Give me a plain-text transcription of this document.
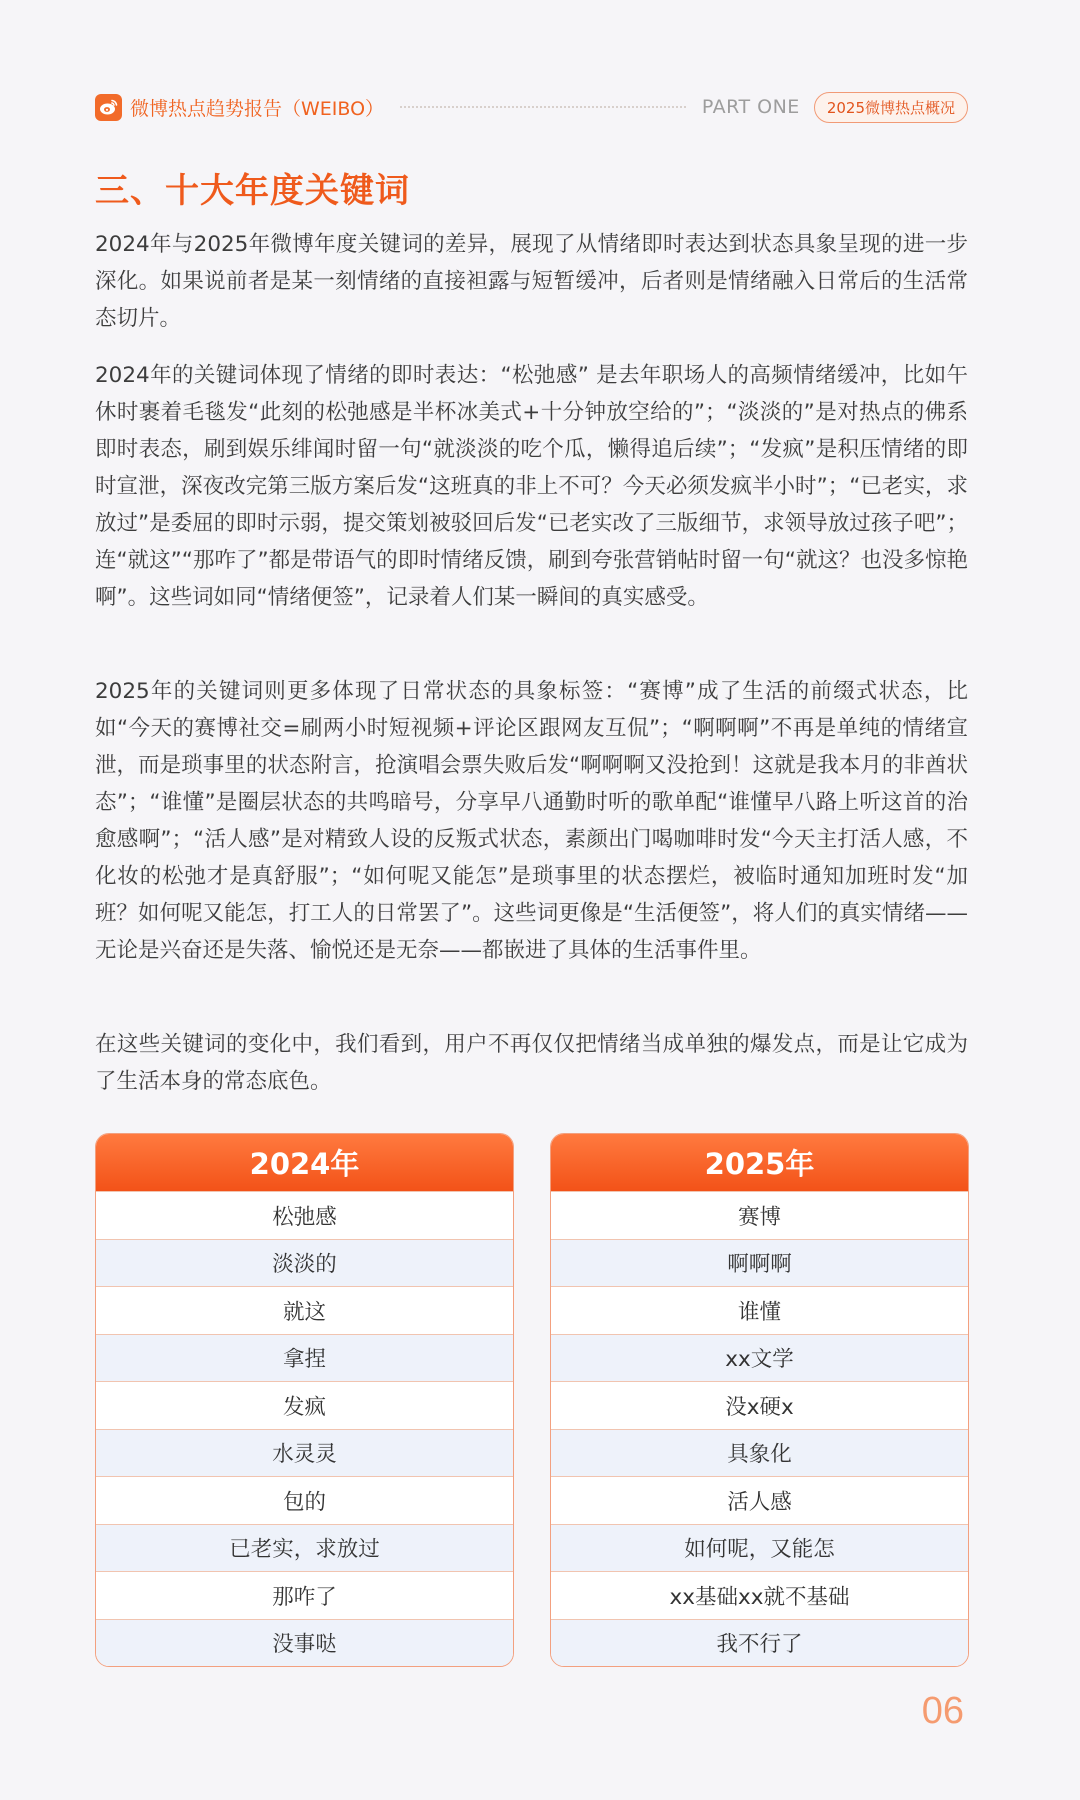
微博热点趋势报告（WEIBO）	PART ONE	2025微博热点概况
三、十大年度关键词

2024年与2025年微博年度关键词的差异，展现了从情绪即时表达到状态具象呈现的进一步深化。如果说前者是某一刻情绪的直接袒露与短暂缓冲，后者则是情绪融入日常后的生活常态切片。

2024年的关键词体现了情绪的即时表达：“松弛感” 是去年职场人的高频情绪缓冲，比如午休时裹着毛毯发“此刻的松弛感是半杯冰美式+十分钟放空给的”；“淡淡的”是对热点的佛系即时表态，刷到娱乐绯闻时留一句“就淡淡的吃个瓜，懒得追后续”；“发疯”是积压情绪的即时宣泄，深夜改完第三版方案后发“这班真的非上不可？今天必须发疯半小时”；“已老实，求放过”是委屈的即时示弱，提交策划被驳回后发“已老实改了三版细节，求领导放过孩子吧”；连“就这”“那咋了”都是带语气的即时情绪反馈，刷到夸张营销帖时留一句“就这？也没多惊艳啊”。这些词如同“情绪便签”，记录着人们某一瞬间的真实感受。

2025年的关键词则更多体现了日常状态的具象标签：“赛博”成了生活的前缀式状态，比如“今天的赛博社交=刷两小时短视频+评论区跟网友互侃”；“啊啊啊”不再是单纯的情绪宣泄，而是琐事里的状态附言，抢演唱会票失败后发“啊啊啊又没抢到！这就是我本月的非酋状态”；“谁懂”是圈层状态的共鸣暗号，分享早八通勤时听的歌单配“谁懂早八路上听这首的治愈感啊”；“活人感”是对精致人设的反叛式状态，素颜出门喝咖啡时发“今天主打活人感，不化妆的松弛才是真舒服”；“如何呢又能怎”是琐事里的状态摆烂，被临时通知加班时发“加班？如何呢又能怎，打工人的日常罢了”。这些词更像是“生活便签”，将人们的真实情绪——无论是兴奋还是失落、愉悦还是无奈——都嵌进了具体的生活事件里。

在这些关键词的变化中，我们看到，用户不再仅仅把情绪当成单独的爆发点，而是让它成为了生活本身的常态底色。

2024年
松弛感
淡淡的
就这
拿捏
发疯
水灵灵
包的
已老实，求放过
那咋了
没事哒
2025年
赛博
啊啊啊
谁懂
xx文学
没x硬x
具象化
活人感
如何呢，又能怎
xx基础xx就不基础
我不行了
06
